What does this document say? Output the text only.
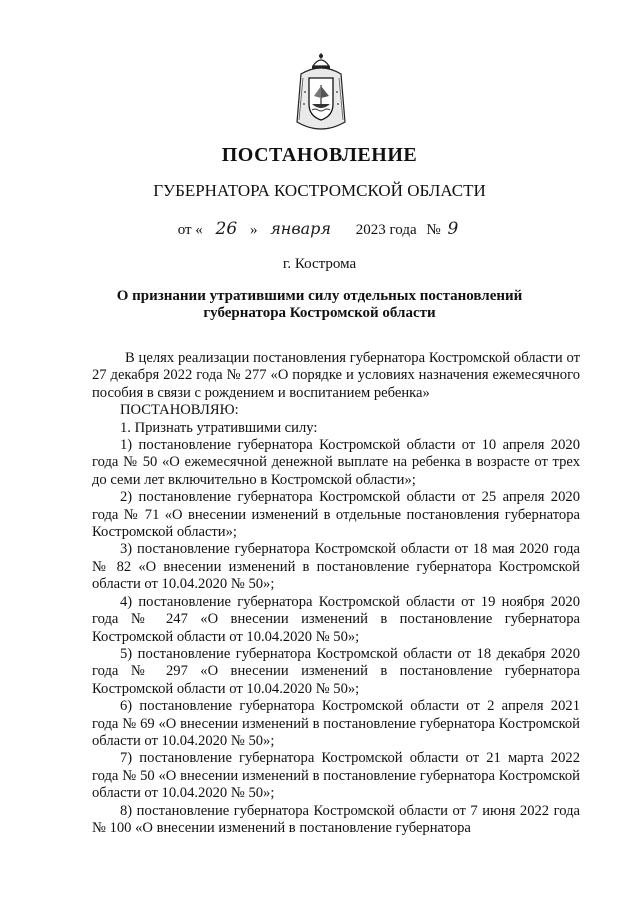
ПОСТАНОВЛЕНИЕ
ГУБЕРНАТОРА КОСТРОМСКОЙ ОБЛАСТИ
от « 26 » января 2023 года № 9
г. Кострома
О признании утратившими силу отдельных постановлений
губернатора Костромской области

В целях реализации постановления губернатора Костромской области от 27 декабря 2022 года № 277 «О порядке и условиях назначения ежемесячного пособия в связи с рождением и воспитанием ребенка»

ПОСТАНОВЛЯЮ:

1. Признать утратившими силу:

1) постановление губернатора Костромской области от 10 апреля 2020 года № 50 «О ежемесячной денежной выплате на ребенка в возрасте от трех до семи лет включительно в Костромской области»;

2) постановление губернатора Костромской области от 25 апреля 2020 года № 71 «О внесении изменений в отдельные постановления губернатора Костромской области»;

3) постановление губернатора Костромской области от 18 мая 2020 года № 82 «О внесении изменений в постановление губернатора Костромской области от 10.04.2020 № 50»;

4) постановление губернатора Костромской области от 19 ноября 2020 года № 247 «О внесении изменений в постановление губернатора Костромской области от 10.04.2020 № 50»;

5) постановление губернатора Костромской области от 18 декабря 2020 года № 297 «О внесении изменений в постановление губернатора Костромской области от 10.04.2020 № 50»;

6) постановление губернатора Костромской области от 2 апреля 2021 года № 69 «О внесении изменений в постановление губернатора Костромской области от 10.04.2020 № 50»;

7) постановление губернатора Костромской области от 21 марта 2022 года № 50 «О внесении изменений в постановление губернатора Костромской области от 10.04.2020 № 50»;

8) постановление губернатора Костромской области от 7 июня 2022 года № 100 «О внесении изменений в постановление губернатора
